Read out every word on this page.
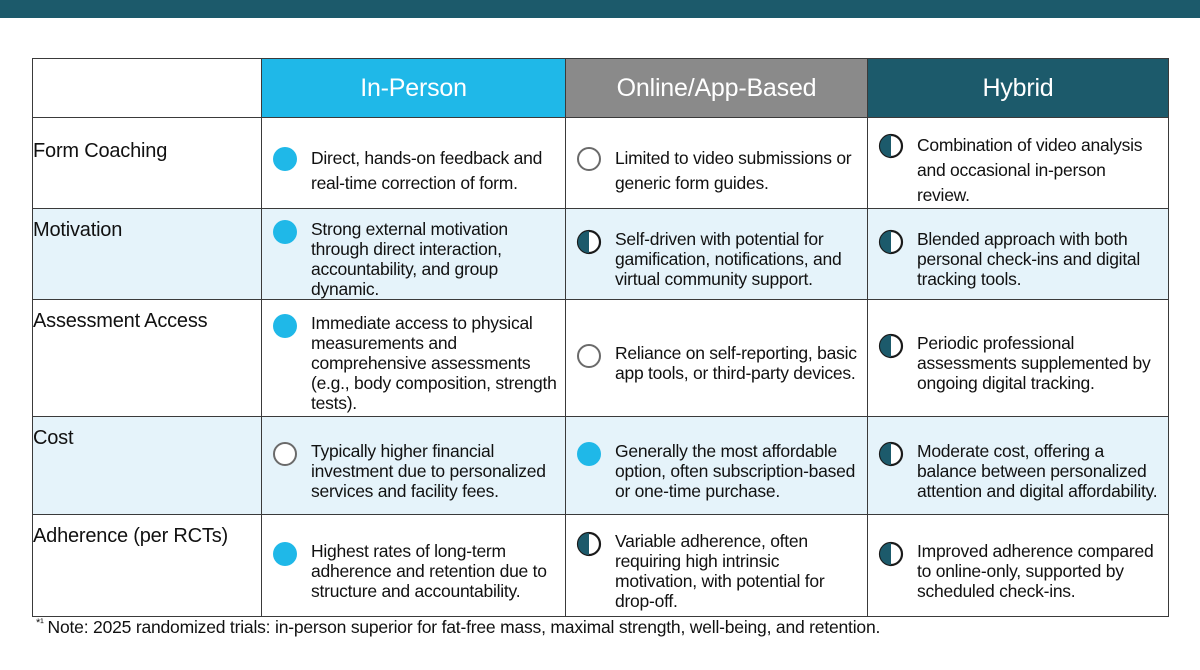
	In-Person	Online/App-Based	Hybrid

Form Coaching	Direct, hands-on feedback and real-time correction of form.	Limited to video submissions or generic form guides.	Combination of video analysis and occasional in-person review.

Motivation	Strong external motivation through direct interaction, accountability, and group dynamic.	Self-driven with potential for gamification, notifications, and virtual community support.	Blended approach with both personal check-ins and digital tracking tools.

Assessment Access	Immediate access to physical measurements and comprehensive assessments (e.g., body composition, strength tests).	Reliance on self-reporting, basic app tools, or third-party devices.	Periodic professional assessments supplemented by ongoing digital tracking.

Cost	Typically higher financial investment due to personalized services and facility fees.	Generally the most affordable option, often subscription-based or one-time purchase.	Moderate cost, offering a balance between personalized attention and digital affordability.

Adherence (per RCTs)	Highest rates of long-term adherence and retention due to structure and accountability.	Variable adherence, often requiring high intrinsic motivation, with potential for drop-off.	Improved adherence compared to online-only, supported by scheduled check-ins.
$^{*^1}$ Note: 2025 randomized trials: in-person superior for fat-free mass, maximal strength, well-being, and retention.
